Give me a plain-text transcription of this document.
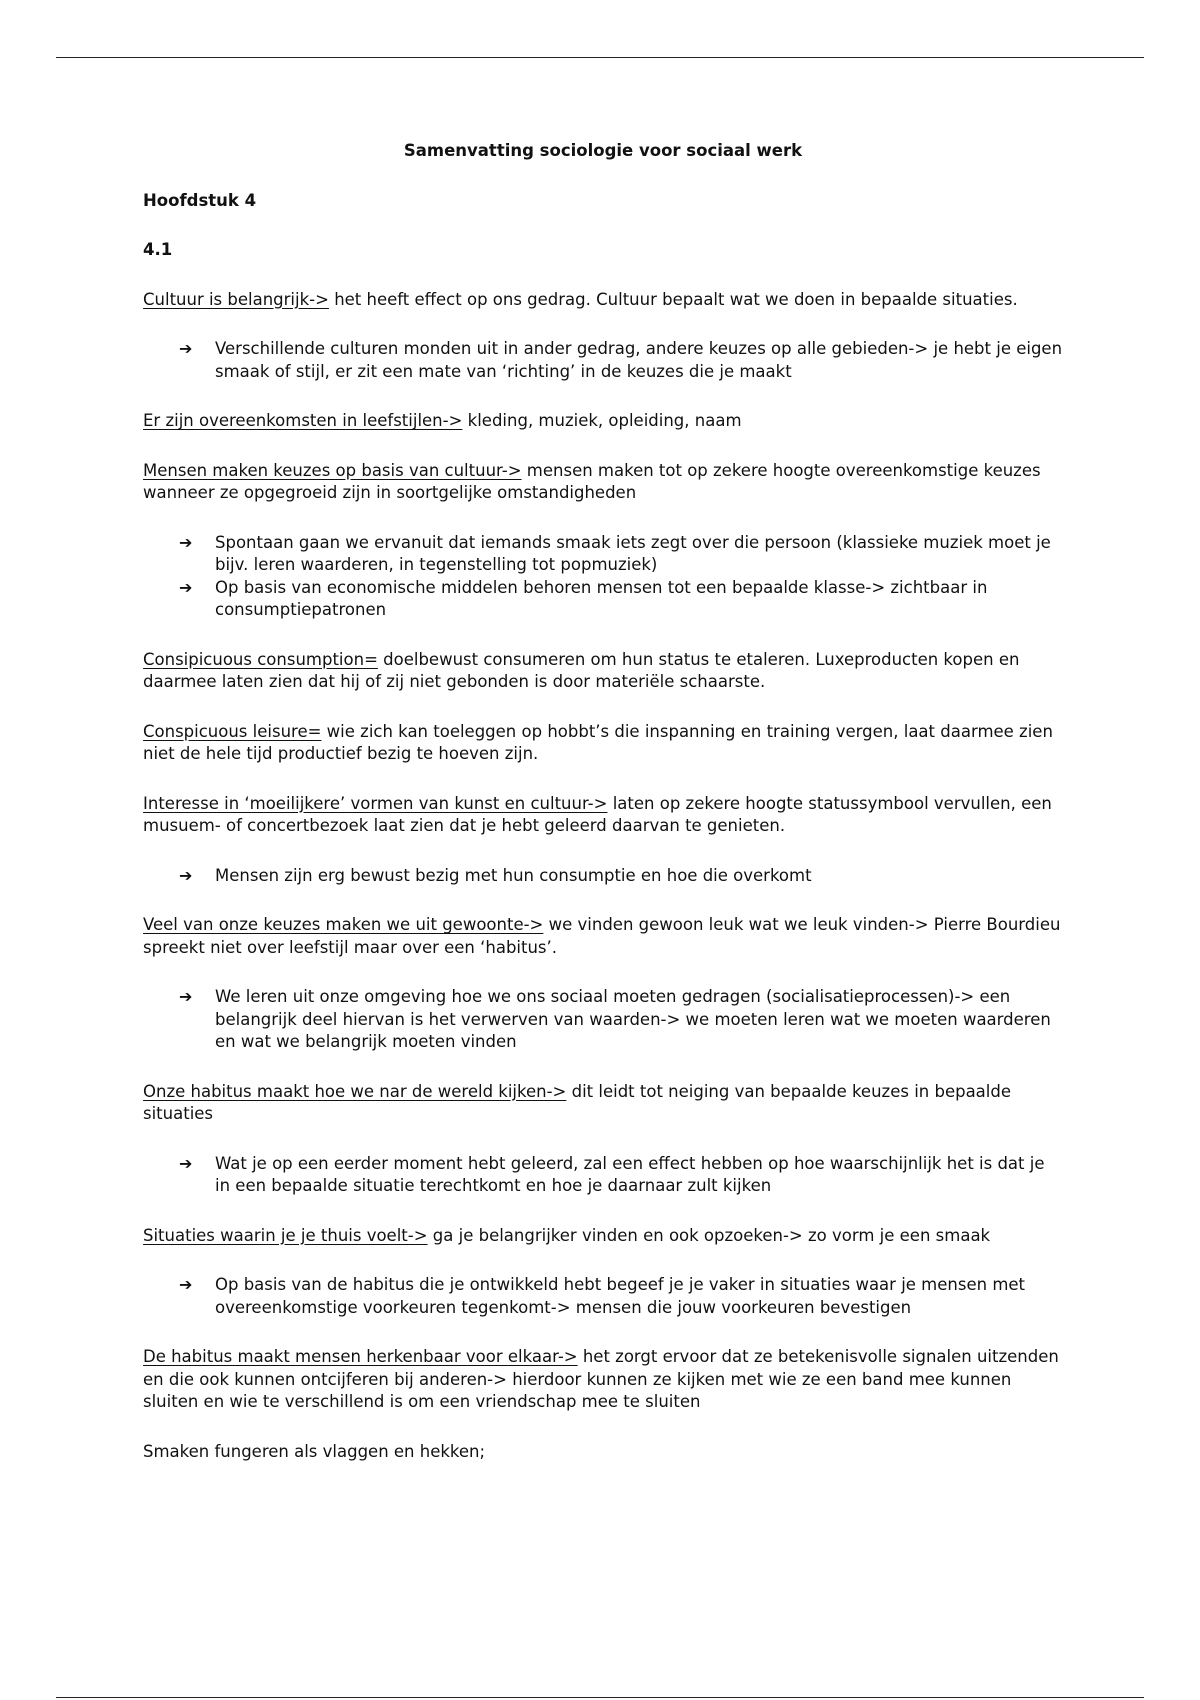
Samenvatting sociologie voor sociaal werk
Hoofdstuk 4
4.1
Cultuur is belangrijk-> het heeft effect op ons gedrag. Cultuur bepaalt wat we doen in bepaalde situaties.
➔ Verschillende culturen monden uit in ander gedrag, andere keuzes op alle gebieden-> je hebt je eigen smaak of stijl, er zit een mate van ‘richting’ in de keuzes die je maakt
Er zijn overeenkomsten in leefstijlen-> kleding, muziek, opleiding, naam
Mensen maken keuzes op basis van cultuur-> mensen maken tot op zekere hoogte overeenkomstige keuzes wanneer ze opgegroeid zijn in soortgelijke omstandigheden
➔ Spontaan gaan we ervanuit dat iemands smaak iets zegt over die persoon (klassieke muziek moet je bijv. leren waarderen, in tegenstelling tot popmuziek)
➔ Op basis van economische middelen behoren mensen tot een bepaalde klasse-> zichtbaar in consumptiepatronen
Consipicuous consumption= doelbewust consumeren om hun status te etaleren. Luxeproducten kopen en daarmee laten zien dat hij of zij niet gebonden is door materiële schaarste.
Conspicuous leisure= wie zich kan toeleggen op hobbt’s die inspanning en training vergen, laat daarmee zien niet de hele tijd productief bezig te hoeven zijn.
Interesse in ‘moeilijkere’ vormen van kunst en cultuur-> laten op zekere hoogte statussymbool vervullen, een musuem- of concertbezoek laat zien dat je hebt geleerd daarvan te genieten.
➔ Mensen zijn erg bewust bezig met hun consumptie en hoe die overkomt
Veel van onze keuzes maken we uit gewoonte-> we vinden gewoon leuk wat we leuk vinden-> Pierre Bourdieu spreekt niet over leefstijl maar over een ‘habitus’.
➔ We leren uit onze omgeving hoe we ons sociaal moeten gedragen (socialisatieprocessen)-> een belangrijk deel hiervan is het verwerven van waarden-> we moeten leren wat we moeten waarderen en wat we belangrijk moeten vinden
Onze habitus maakt hoe we nar de wereld kijken-> dit leidt tot neiging van bepaalde keuzes in bepaalde situaties
➔ Wat je op een eerder moment hebt geleerd, zal een effect hebben op hoe waarschijnlijk het is dat je in een bepaalde situatie terechtkomt en hoe je daarnaar zult kijken
Situaties waarin je je thuis voelt-> ga je belangrijker vinden en ook opzoeken-> zo vorm je een smaak
➔ Op basis van de habitus die je ontwikkeld hebt begeef je je vaker in situaties waar je mensen met overeenkomstige voorkeuren tegenkomt-> mensen die jouw voorkeuren bevestigen
De habitus maakt mensen herkenbaar voor elkaar-> het zorgt ervoor dat ze betekenisvolle signalen uitzenden en die ook kunnen ontcijferen bij anderen-> hierdoor kunnen ze kijken met wie ze een band mee kunnen sluiten en wie te verschillend is om een vriendschap mee te sluiten
Smaken fungeren als vlaggen en hekken;
